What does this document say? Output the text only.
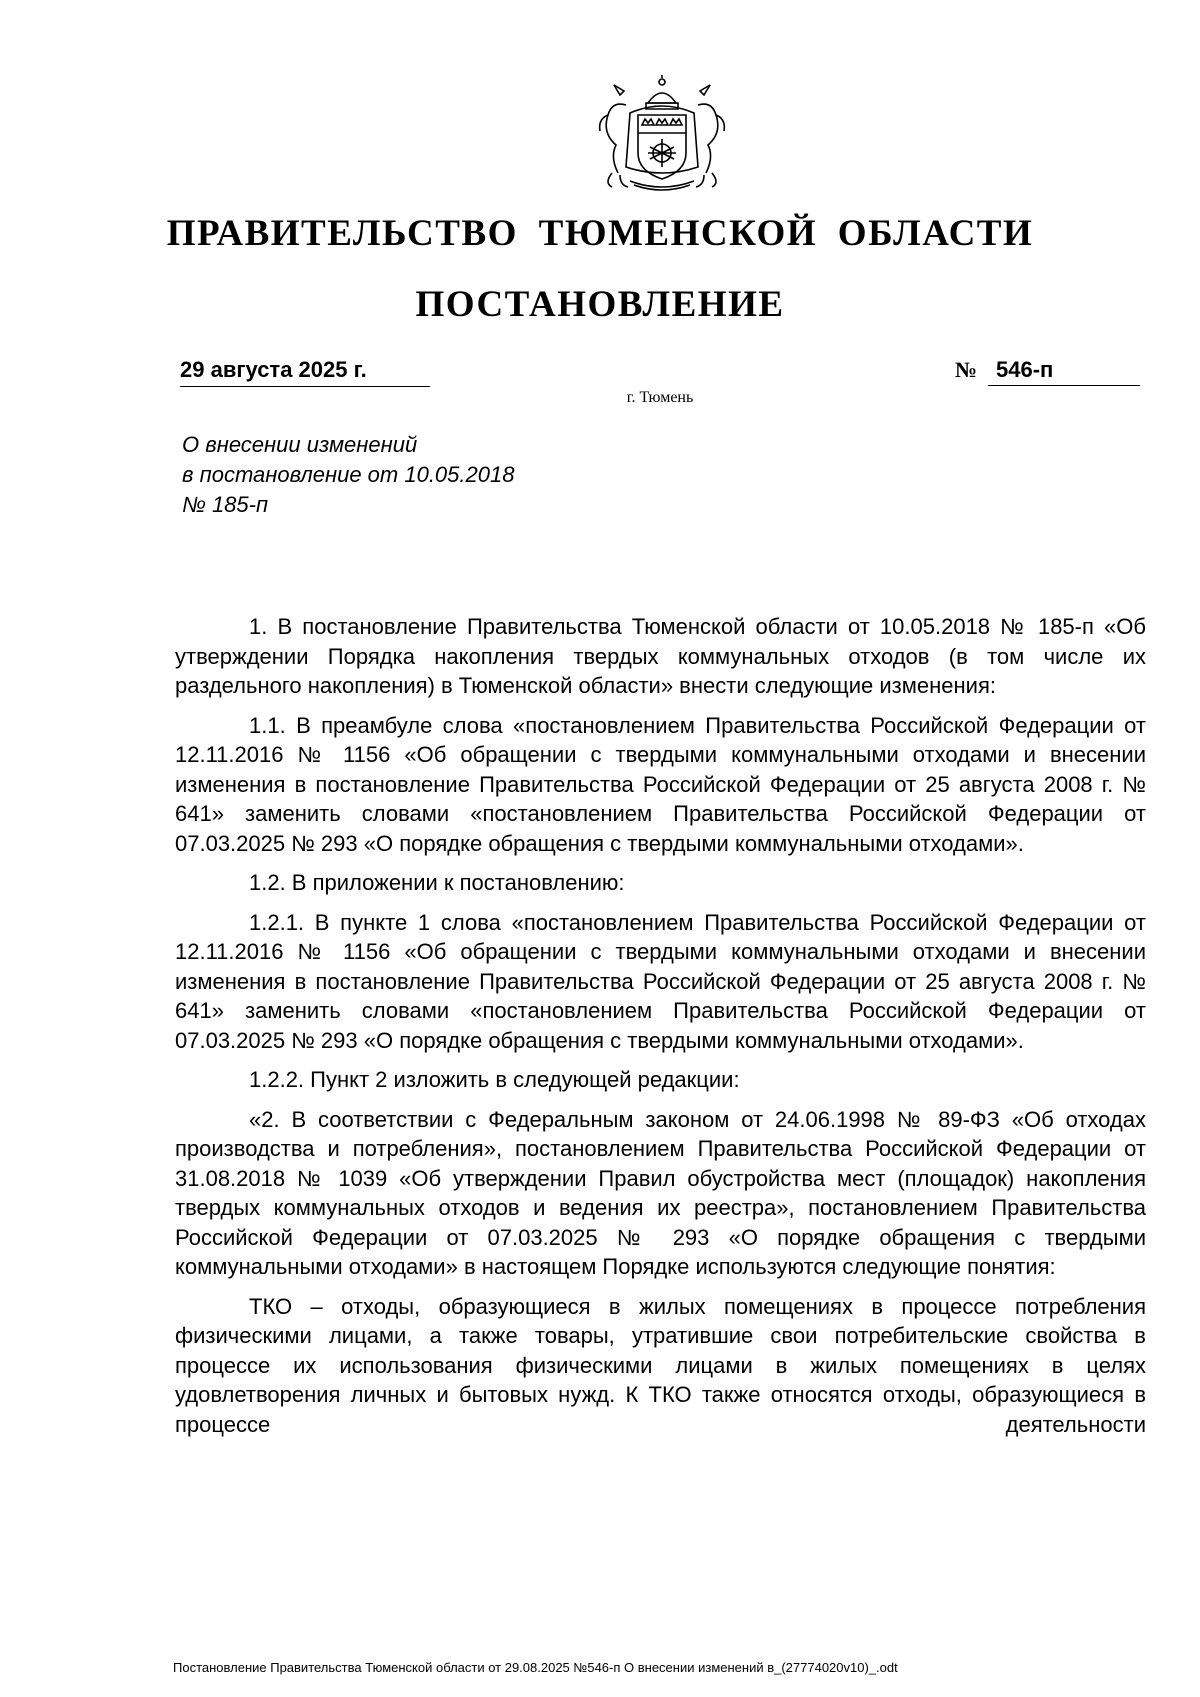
ПРАВИТЕЛЬСТВО ТЮМЕНСКОЙ ОБЛАСТИ
ПОСТАНОВЛЕНИЕ
29 августа 2025 г.	№ 546-п
г. Тюмень
О внесении изменений
в постановление от 10.05.2018
№ 185-п

1. В постановление Правительства Тюменской области от 10.05.2018 № 185-п «Об утверждении Порядка накопления твердых коммунальных отходов (в том числе их раздельного накопления) в Тюменской области» внести следующие изменения:

1.1. В преамбуле слова «постановлением Правительства Российской Федерации от 12.11.2016 № 1156 «Об обращении с твердыми коммунальными отходами и внесении изменения в постановление Правительства Российской Федерации от 25 августа 2008 г. № 641» заменить словами «постановлением Правительства Российской Федерации от 07.03.2025 № 293 «О порядке обращения с твердыми коммунальными отходами».

1.2. В приложении к постановлению:

1.2.1. В пункте 1 слова «постановлением Правительства Российской Федерации от 12.11.2016 № 1156 «Об обращении с твердыми коммунальными отходами и внесении изменения в постановление Правительства Российской Федерации от 25 августа 2008 г. № 641» заменить словами «постановлением Правительства Российской Федерации от 07.03.2025 № 293 «О порядке обращения с твердыми коммунальными отходами».

1.2.2. Пункт 2 изложить в следующей редакции:

«2. В соответствии с Федеральным законом от 24.06.1998 № 89-ФЗ «Об отходах производства и потребления», постановлением Правительства Российской Федерации от 31.08.2018 № 1039 «Об утверждении Правил обустройства мест (площадок) накопления твердых коммунальных отходов и ведения их реестра», постановлением Правительства Российской Федерации от 07.03.2025 № 293 «О порядке обращения с твердыми коммунальными отходами» в настоящем Порядке используются следующие понятия:

ТКО – отходы, образующиеся в жилых помещениях в процессе потребления физическими лицами, а также товары, утратившие свои потребительские свойства в процессе их использования физическими лицами в жилых помещениях в целях удовлетворения личных и бытовых нужд. К ТКО также относятся отходы, образующиеся в процессе деятельности

Постановление Правительства Тюменской области от 29.08.2025 №546-п О внесении изменений в_(27774020v10)_.odt
